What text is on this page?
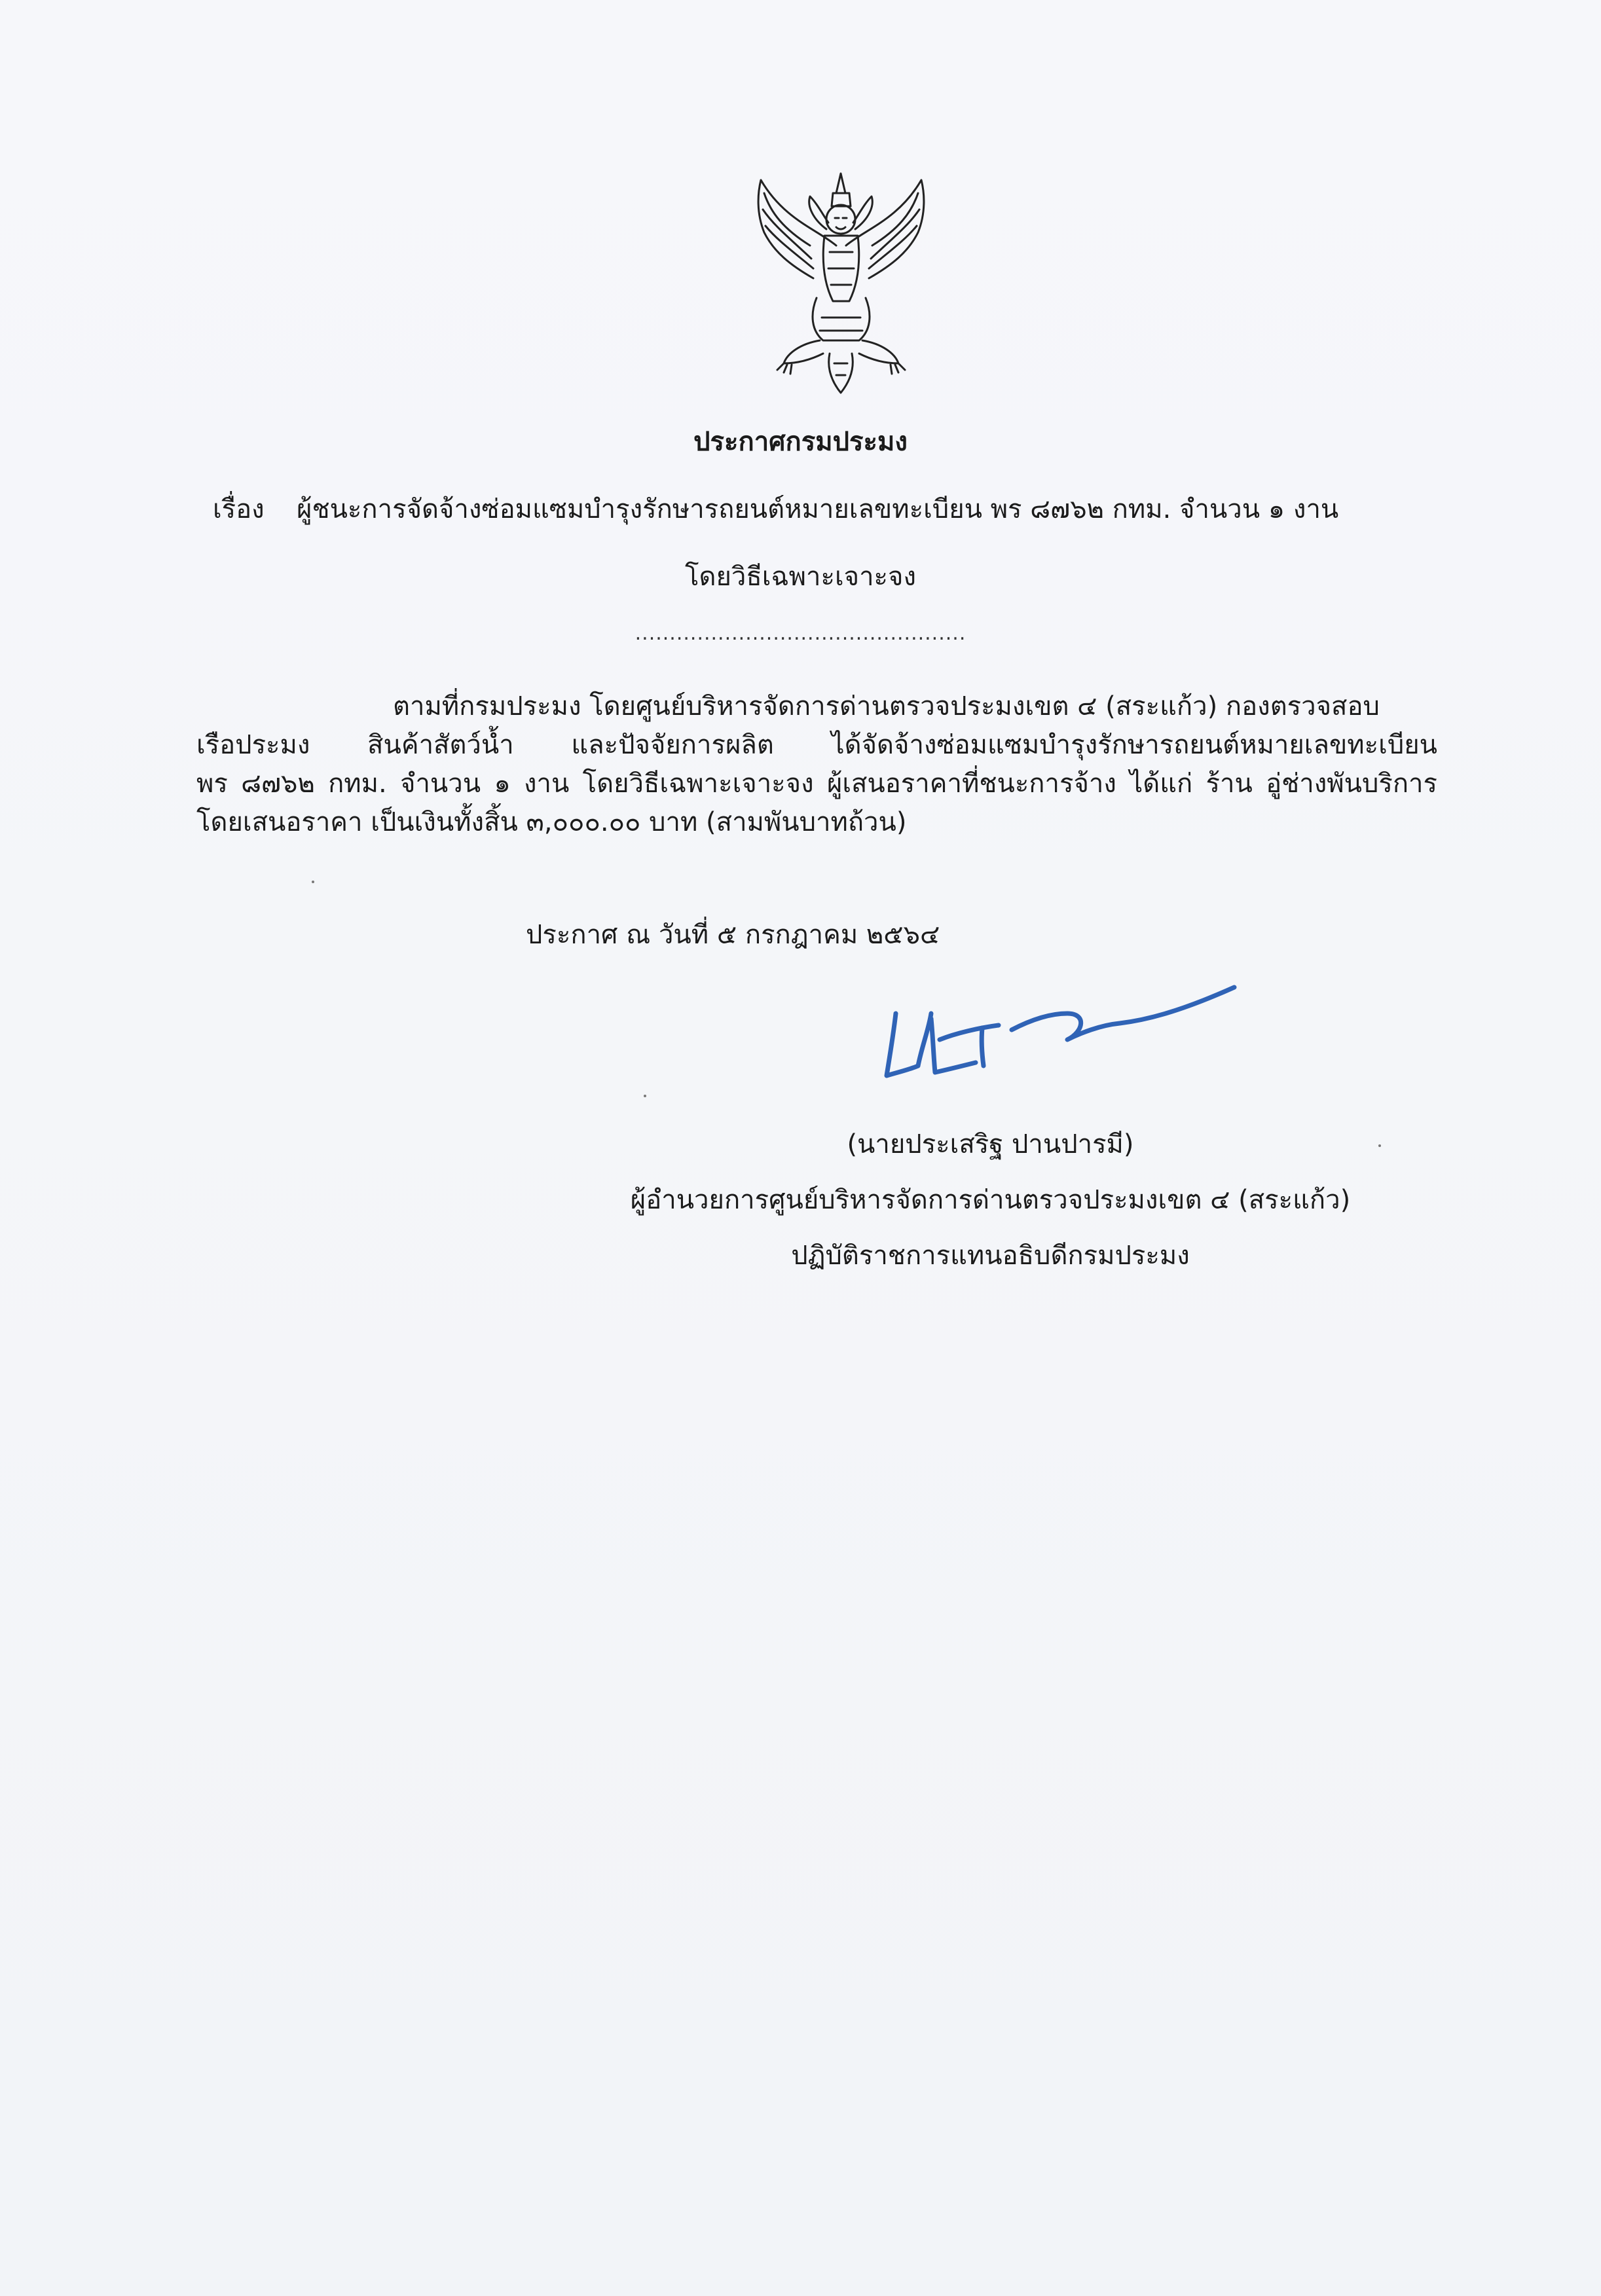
ประกาศกรมประมง
เรื่อง ผู้ชนะการจัดจ้างซ่อมแซมบำรุงรักษารถยนต์หมายเลขทะเบียน พร ๘๗๖๒ กทม. จำนวน ๑ งาน
โดยวิธีเฉพาะเจาะจง
................................................
ตามที่กรมประมง โดยศูนย์บริหารจัดการด่านตรวจประมงเขต ๔ (สระแก้ว) กองตรวจสอบ
เรือประมง สินค้าสัตว์น้ำ และปัจจัยการผลิต ได้จัดจ้างซ่อมแซมบำรุงรักษารถยนต์หมายเลขทะเบียน
พร ๘๗๖๒ กทม. จำนวน ๑ งาน โดยวิธีเฉพาะเจาะจง ผู้เสนอราคาที่ชนะการจ้าง ได้แก่ ร้าน อู่ช่างพันบริการ
โดยเสนอราคา เป็นเงินทั้งสิ้น ๓,๐๐๐.๐๐ บาท (สามพันบาทถ้วน)
ประกาศ ณ วันที่ ๕ กรกฎาคม ๒๕๖๔
(นายประเสริฐ ปานปารมี)
ผู้อำนวยการศูนย์บริหารจัดการด่านตรวจประมงเขต ๔ (สระแก้ว)
ปฏิบัติราชการแทนอธิบดีกรมประมง
